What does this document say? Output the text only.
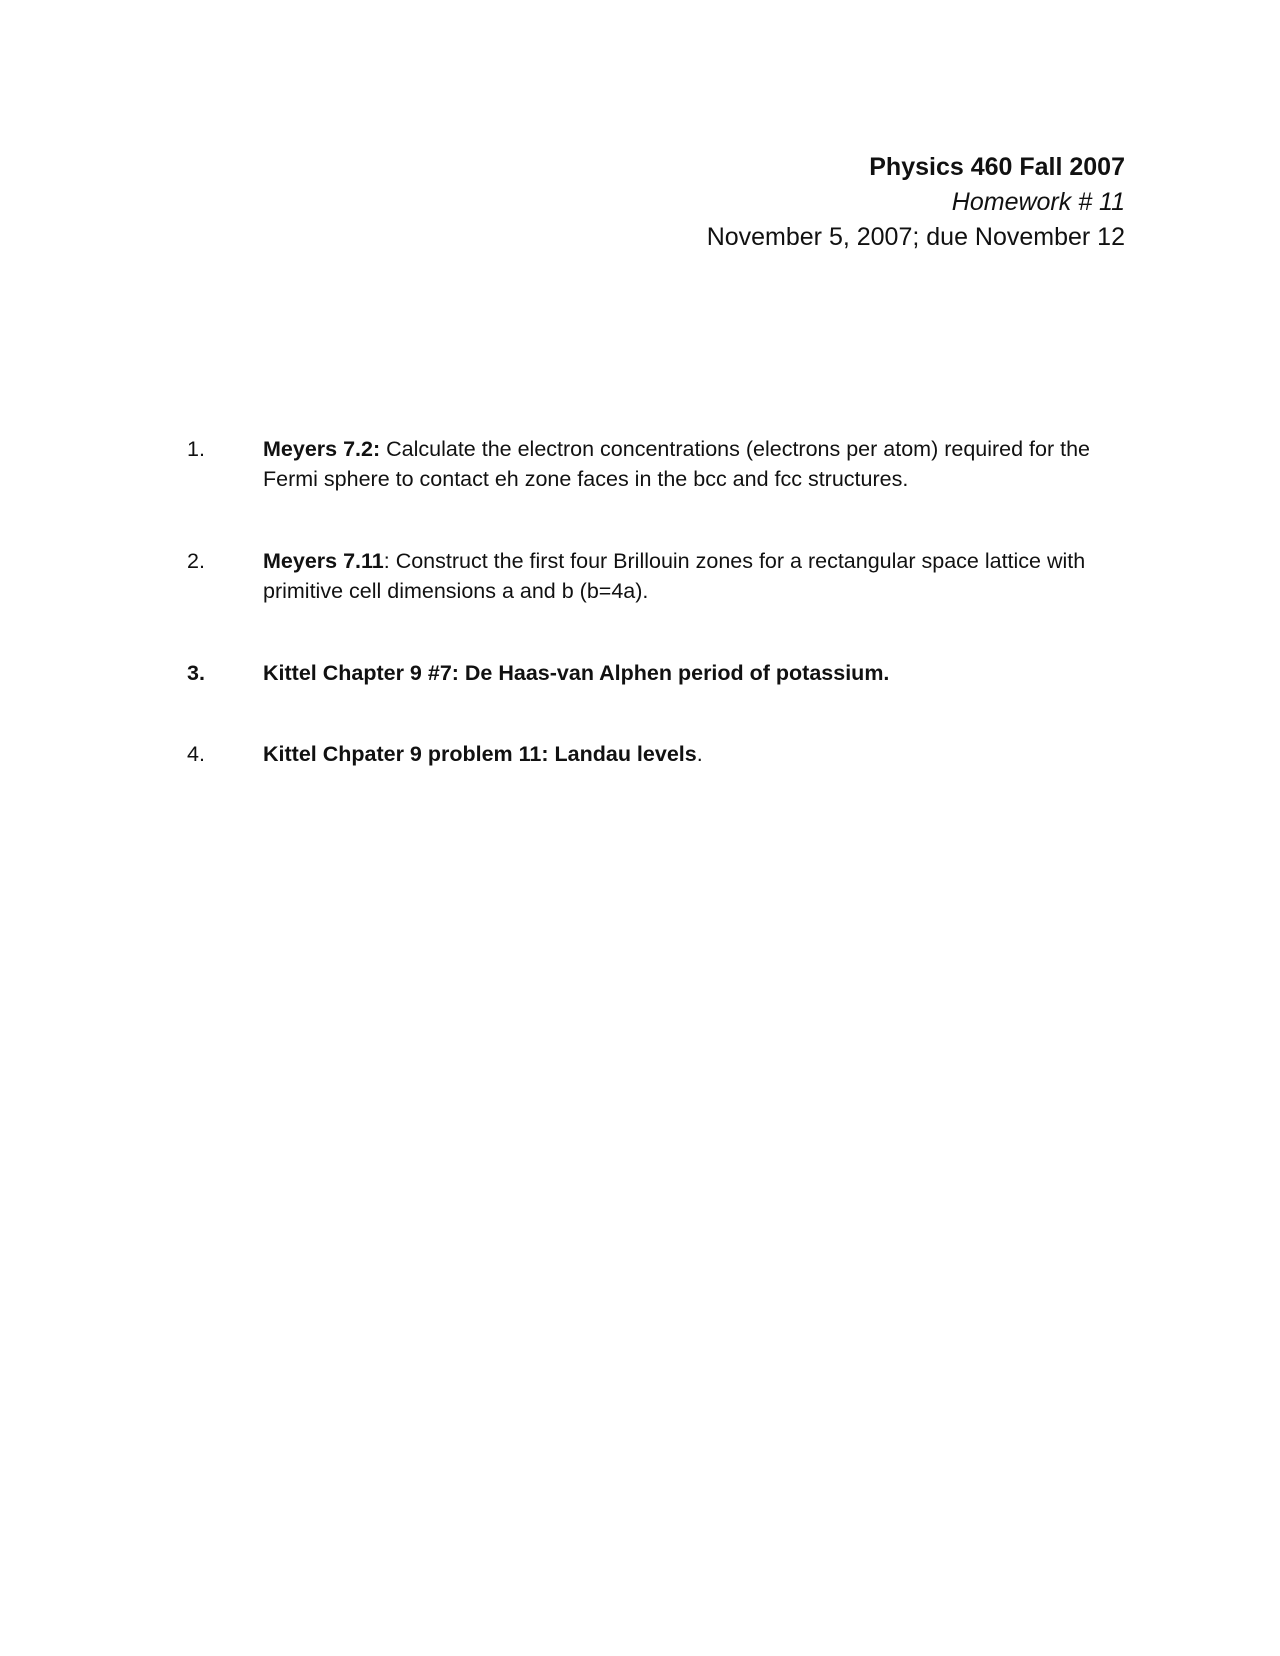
Physics 460 Fall 2007
Homework # 11
November 5, 2007; due November 12
1.	Meyers 7.2: Calculate the electron concentrations (electrons per atom) required for the Fermi sphere to contact eh zone faces in the bcc and fcc structures.
2.	Meyers 7.11: Construct the first four Brillouin zones for a rectangular space lattice with primitive cell dimensions a and b (b=4a).
3.	Kittel Chapter 9 #7: De Haas-van Alphen period of potassium.
4.	Kittel Chpater 9 problem 11: Landau levels.
